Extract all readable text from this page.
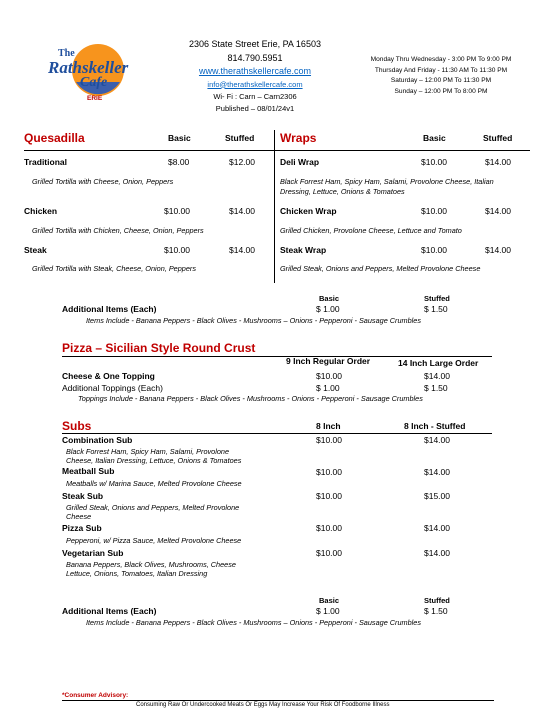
The
Rathskeller
Cafe
ERIE
2306 State Street Erie, PA 16503
814.790.5951
www.therathskellercafe.com
info@therathskellercafe.com
Wi- Fi : Carn – Carn2306
Published – 08/01/24v1
Monday Thru Wednesday - 3:00 PM To 9:00 PM
Thursday And Friday - 11:30 AM To 11:30 PM
Saturday – 12:00 PM To 11:30 PM
Sunday – 12:00 PM To 8:00 PM
Quesadilla	Basic	Stuffed Wraps	Basic	Stuffed
Traditional	$8.00	$12.00
Grilled Tortilla with Cheese, Onion, Peppers
Chicken	$10.00	$14.00
Grilled Tortilla with Chicken, Cheese, Onion, Peppers
Steak	$10.00	$14.00
Grilled Tortilla with Steak, Cheese, Onion, Peppers
Deli Wrap	$10.00	$14.00
Black Forrest Ham, Spicy Ham, Salami, Provolone Cheese, Italian
Dressing, Lettuce, Onions & Tomatoes
Chicken Wrap	$10.00	$14.00
Grilled Chicken, Provolone Cheese, Lettuce and Tomato
Steak Wrap	$10.00	$14.00
Grilled Steak, Onions and Peppers, Melted Provolone Cheese
Basic	Stuffed
Additional Items (Each)	$ 1.00	$ 1.50
Items Include - Banana Peppers - Black Olives - Mushrooms – Onions - Pepperoni - Sausage Crumbles
Pizza – Sicilian Style Round Crust
9 Inch Regular Order	14 Inch Large Order
Cheese & One Topping	$10.00	$14.00
Additional Toppings (Each)	$ 1.00	$ 1.50
Toppings Include - Banana Peppers - Black Olives - Mushrooms - Onions - Pepperoni - Sausage Crumbles
Subs	8 Inch	8 Inch - Stuffed
Combination Sub	$10.00	$14.00
Black Forrest Ham, Spicy Ham, Salami, Provolone
Cheese, Italian Dressing, Lettuce, Onions & Tomatoes
Meatball Sub	$10.00	$14.00
Meatballs w/ Marina Sauce, Melted Provolone Cheese
Steak Sub	$10.00	$15.00
Grilled Steak, Onions and Peppers, Melted Provolone
Cheese
Pizza Sub	$10.00	$14.00
Pepperoni, w/ Pizza Sauce, Melted Provolone Cheese
Vegetarian Sub	$10.00	$14.00
Banana Peppers, Black Olives, Mushrooms, Cheese
Lettuce, Onions, Tomatoes, Italian Dressing
Basic	Stuffed
Additional Items (Each)	$ 1.00	$ 1.50
Items Include - Banana Peppers - Black Olives - Mushrooms – Onions - Pepperoni - Sausage Crumbles
*Consumer Advisory:
Consuming Raw Or Undercooked Meats Or Eggs May Increase Your Risk Of Foodborne Illness
